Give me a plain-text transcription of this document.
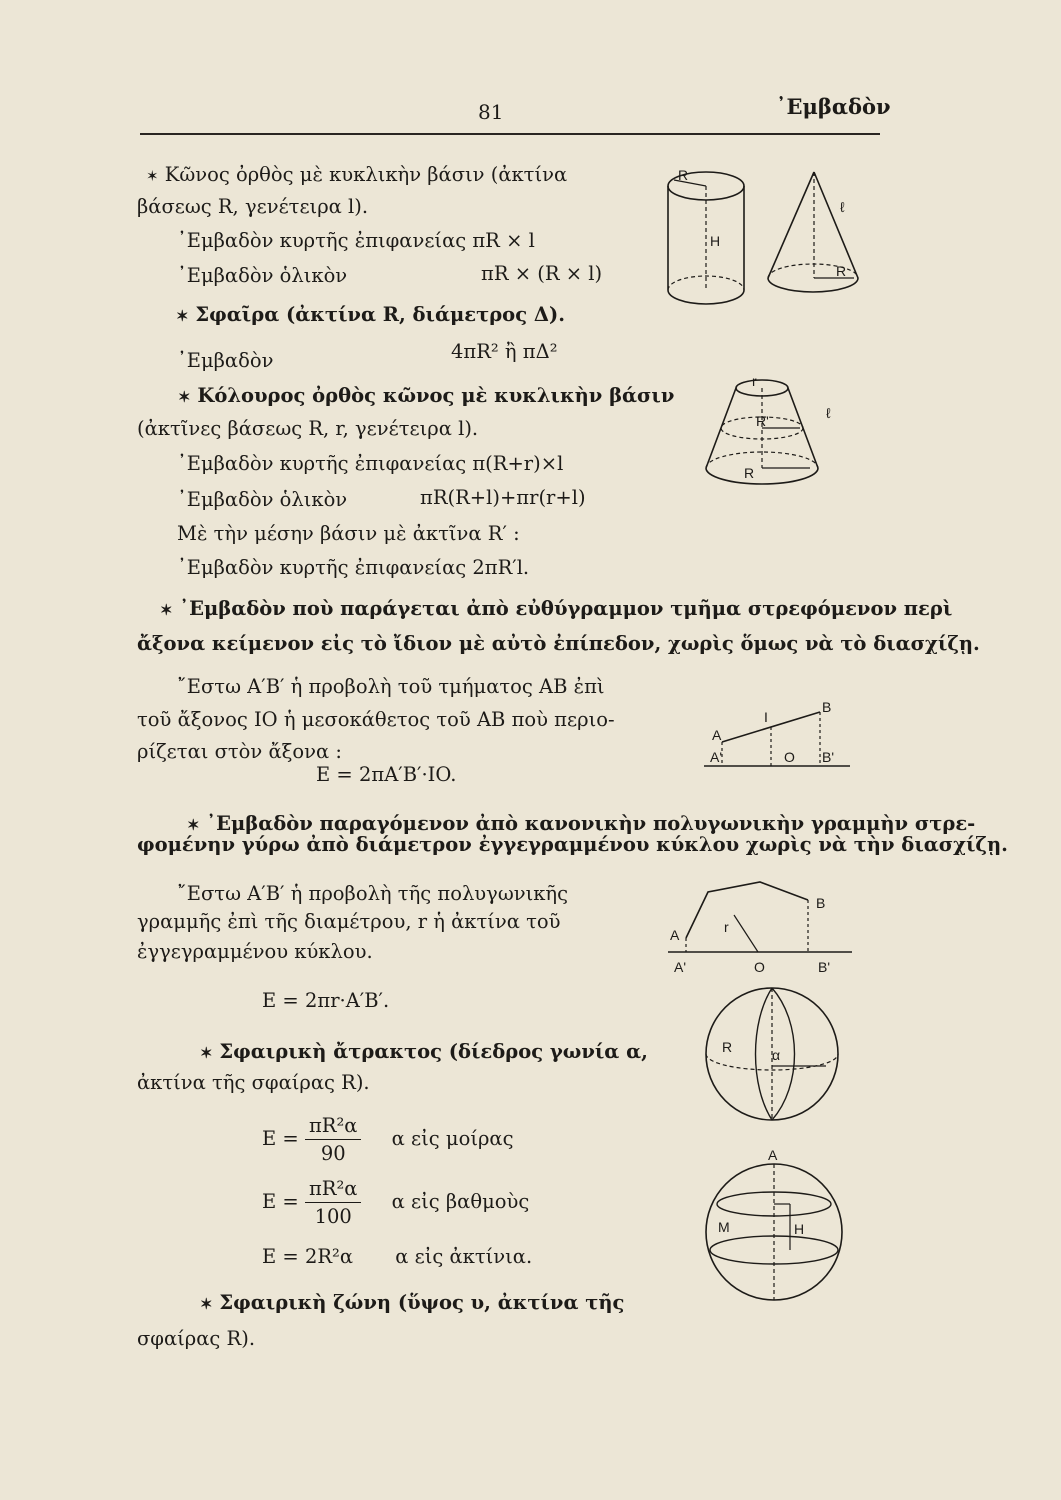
81	᾿Εμβαδὸν
✶ Κῶνος ὀρθὸς μὲ κυκλικὴν βάσιν (ἀκτίνα
βάσεως R, γενέτειρα l).
᾿Εμβαδὸν κυρτῆς ἐπιφανείας πR × l
᾿Εμβαδὸν ὁλικὸν	πR × (R × l)
✶ Σφαῖρα (ἀκτίνα R, διάμετρος Δ).
᾿Εμβαδὸν	4πR² ἢ πΔ²
✶ Κόλουρος ὀρθὸς κῶνος μὲ κυκλικὴν βάσιν
(ἀκτῖνες βάσεως R, r, γενέτειρα l).
᾿Εμβαδὸν κυρτῆς ἐπιφανείας π(R+r)×l
᾿Εμβαδὸν ὁλικὸν	πR(R+l)+πr(r+l)
Μὲ τὴν μέσην βάσιν μὲ ἀκτῖνα R′ :
᾿Εμβαδὸν κυρτῆς ἐπιφανείας 2πR′l.
✶ ᾿Εμβαδὸν ποὺ παράγεται ἀπὸ εὐθύγραμμον τμῆμα στρεφόμενον περὶ
ἄξονα κείμενον εἰς τὸ ἴδιον μὲ αὐτὸ ἐπίπεδον, χωρὶς ὅμως νὰ τὸ διασχίζῃ.
῎Εστω A′B′ ἡ προβολὴ τοῦ τμήματος AB ἐπὶ
τοῦ ἄξονος ΙΟ ἡ μεσοκάθετος τοῦ AB ποὺ περιο-
ρίζεται στὸν ἄξονα :
E = 2πA′B′·IO.
✶ ᾿Εμβαδὸν παραγόμενον ἀπὸ κανονικὴν πολυγωνικὴν γραμμὴν στρε-
φομένην γύρω ἀπὸ διάμετρον ἐγγεγραμμένου κύκλου χωρὶς νὰ τὴν διασχίζῃ.
῎Εστω A′B′ ἡ προβολὴ τῆς πολυγωνικῆς
γραμμῆς ἐπὶ τῆς διαμέτρου, r ἡ ἀκτίνα τοῦ
ἐγγεγραμμένου κύκλου.
E = 2πr·A′B′.
✶ Σφαιρικὴ ἄτρακτος (δίεδρος γωνία α,
ἀκτίνα τῆς σφαίρας R).
$E = \frac{\text{πR²α}}{90}$ α εἰς μοίρας
$E = \frac{\text{πR²α}}{100}$ α εἰς βαθμοὺς
E = 2R²α α εἰς ἀκτίνια.
✶ Σφαιρικὴ ζώνη (ὕψος υ, ἀκτίνα τῆς
σφαίρας R).
R
H
ℓ
R
r
R'
R
ℓ
A
I
B
A'	O B'
A	r
B
A'	O	B'
R	α
A
M	H
